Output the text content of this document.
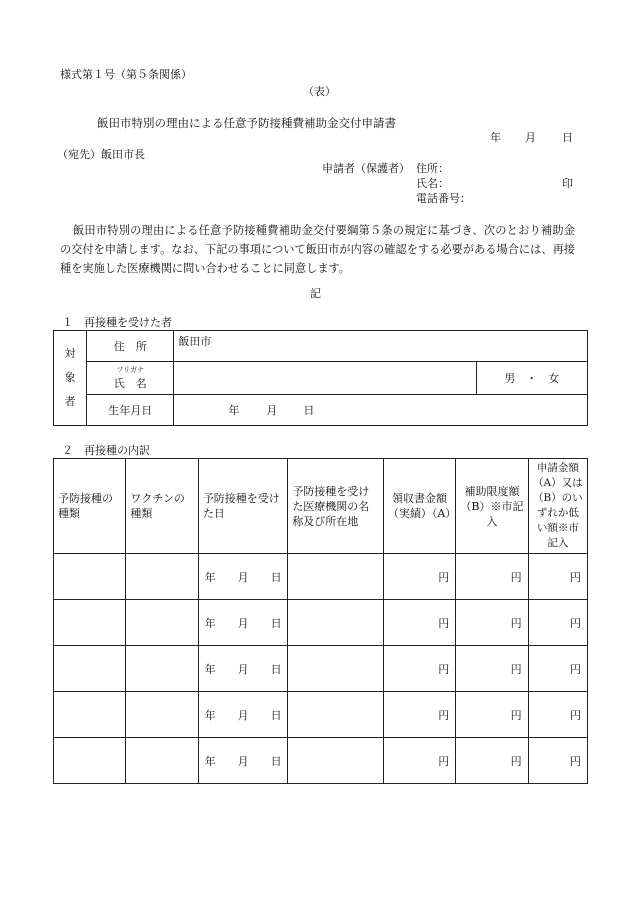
様式第１号（第５条関係）
（表）
飯田市特別の理由による任意予防接種費補助金交付申請書
年 月 日
（宛先）飯田市長
申請者（保護者） 住所：
氏名：	印
電話番号：
飯田市特別の理由による任意予防接種費補助金交付要綱第５条の規定に基づき、次のとおり補助金の交付を申請します。なお、下記の事項について飯田市が内容の確認をする必要がある場合には、再接種を実施した医療機関に問い合わせることに同意します。
記
１　再接種を受けた者
対
象
者	住　所	飯田市	

	フリガナ
氏　名		男　・　女
	生年月日	年 月 日	
２　再接種の内訳
予防接種の種類	ワクチンの種類	予防接種を受けた日	予防接種を受けた医療機関の名称及び所在地	領収書金額（実績）（A）	補助限度額（B）※市記入	申請金額（A）又は（B）のいずれか低い額※市記入
		年　　 月　　 日		円	円	円
		年　　 月　　 日		円	円	円
		年　　 月　　 日		円	円	円
		年　　 月　　 日		円	円	円
		年　　 月　　 日		円	円	円
